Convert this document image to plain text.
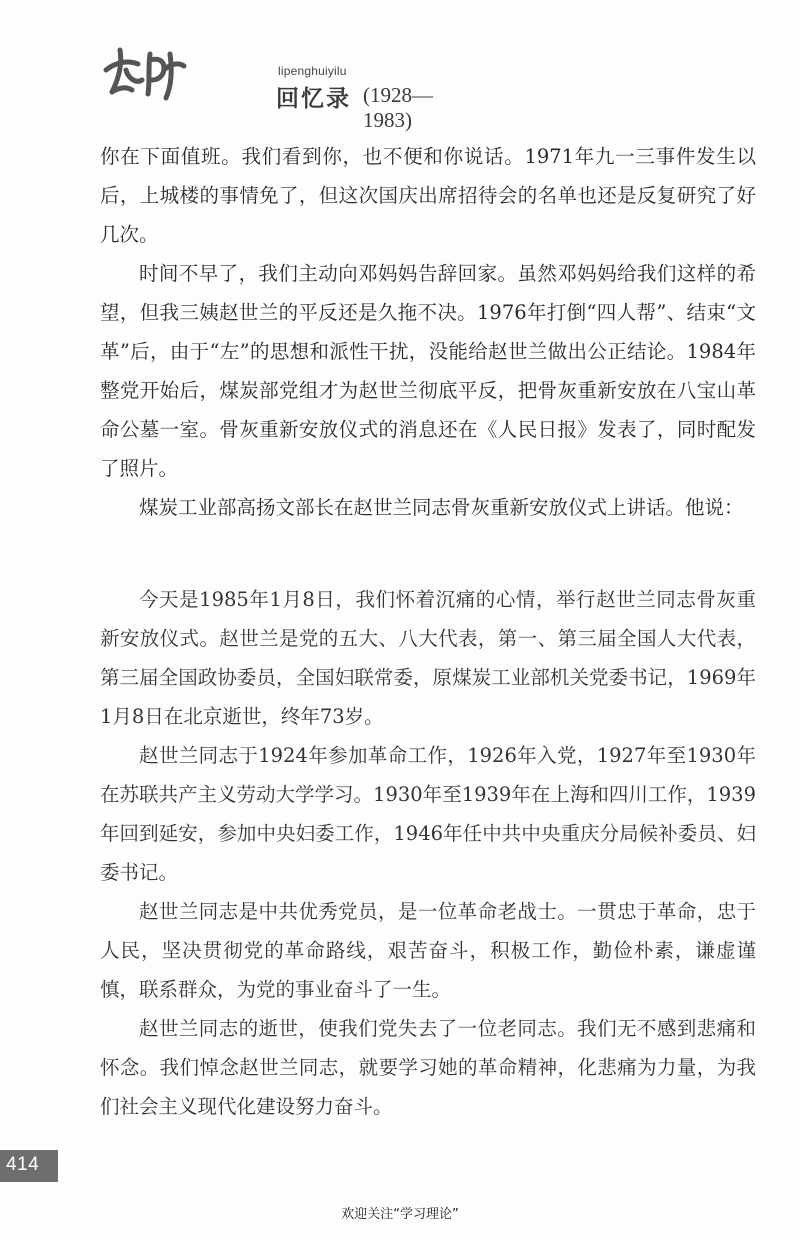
lipenghuiyilu
回忆录 (1928—1983)

你在下面值班。我们看到你，也不便和你说话。1971年九一三事件发生以后，上城楼的事情免了，但这次国庆出席招待会的名单也还是反复研究了好几次。

时间不早了，我们主动向邓妈妈告辞回家。虽然邓妈妈给我们这样的希望，但我三姨赵世兰的平反还是久拖不决。1976年打倒“四人帮”、结束“文革”后，由于“左”的思想和派性干扰，没能给赵世兰做出公正结论。1984年整党开始后，煤炭部党组才为赵世兰彻底平反，把骨灰重新安放在八宝山革命公墓一室。骨灰重新安放仪式的消息还在《人民日报》发表了，同时配发了照片。

煤炭工业部高扬文部长在赵世兰同志骨灰重新安放仪式上讲话。他说：

今天是1985年1月8日，我们怀着沉痛的心情，举行赵世兰同志骨灰重新安放仪式。赵世兰是党的五大、八大代表，第一、第三届全国人大代表，第三届全国政协委员，全国妇联常委，原煤炭工业部机关党委书记，1969年1月8日在北京逝世，终年73岁。

赵世兰同志于1924年参加革命工作，1926年入党，1927年至1930年在苏联共产主义劳动大学学习。1930年至1939年在上海和四川工作，1939年回到延安，参加中央妇委工作，1946年任中共中央重庆分局候补委员、妇委书记。

赵世兰同志是中共优秀党员，是一位革命老战士。一贯忠于革命，忠于人民，坚决贯彻党的革命路线，艰苦奋斗，积极工作，勤俭朴素，谦虚谨慎，联系群众，为党的事业奋斗了一生。

赵世兰同志的逝世，使我们党失去了一位老同志。我们无不感到悲痛和怀念。我们悼念赵世兰同志，就要学习她的革命精神，化悲痛为力量，为我们社会主义现代化建设努力奋斗。

414
欢迎关注“学习理论”
